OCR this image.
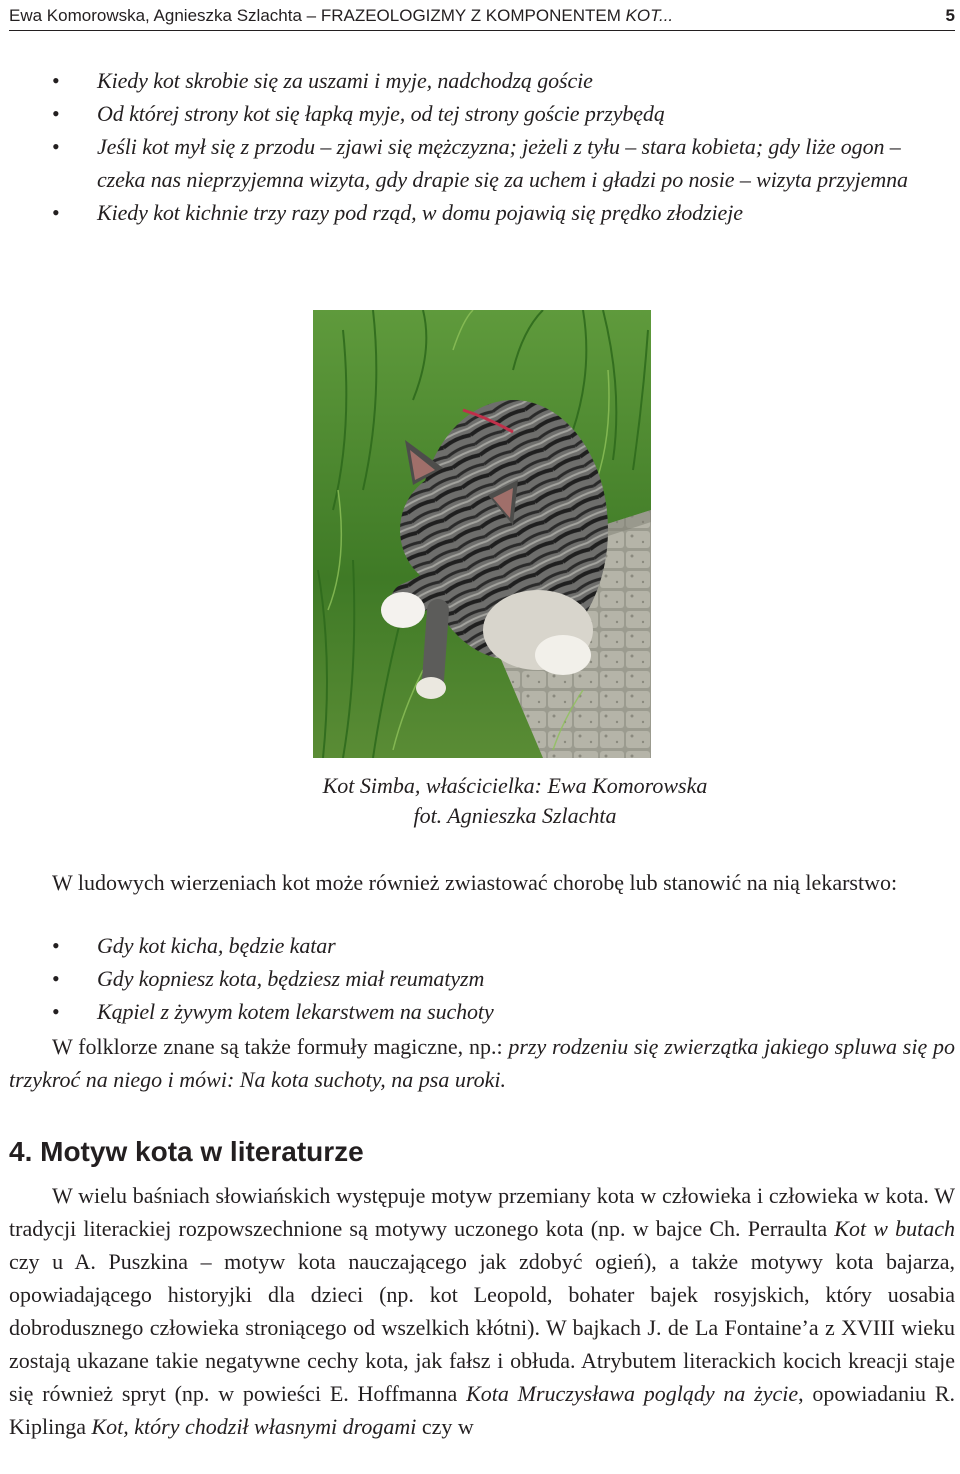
Ewa Komorowska, Agnieszka Szlachta – FRAZEOLOGIZMY Z KOMPONENTEM KOT...	5
• Kiedy kot skrobie się za uszami i myje, nadchodzą goście
• Od której strony kot się łapką myje, od tej strony goście przybędą
• Jeśli kot mył się z przodu – zjawi się mężczyzna; jeżeli z tyłu – stara kobieta; gdy liże ogon – czeka nas nieprzyjemna wizyta, gdy drapie się za uchem i gładzi po nosie – wizyta przyjemna
• Kiedy kot kichnie trzy razy pod rząd, w domu pojawią się prędko złodzieje
Kot Simba, właścicielka: Ewa Komorowska
fot. Agnieszka Szlachta

W ludowych wierzeniach kot może również zwiastować chorobę lub stanowić na nią lekarstwo:

• Gdy kot kicha, będzie katar
• Gdy kopniesz kota, będziesz miał reumatyzm
• Kąpiel z żywym kotem lekarstwem na suchoty

W folklorze znane są także formuły magiczne, np.: przy rodzeniu się zwierzątka jakiego spluwa się po trzykroć na niego i mówi: Na kota suchoty, na psa uroki.

4. Motyw kota w literaturze

W wielu baśniach słowiańskich występuje motyw przemiany kota w człowieka i człowieka w kota. W tradycji literackiej rozpowszechnione są motywy uczonego kota (np. w bajce Ch. Perraulta Kot w butach czy u A. Puszkina – motyw kota nauczającego jak zdobyć ogień), a także motywy kota bajarza, opowiadającego historyjki dla dzieci (np. kot Leopold, bohater bajek rosyjskich, który uosabia dobrodusznego człowieka stroniącego od wszelkich kłótni). W bajkach J. de La Fontaine’a z XVIII wieku zostają ukazane takie negatywne cechy kota, jak fałsz i obłuda. Atrybutem literackich kocich kreacji staje się również spryt (np. w powieści E. Hoffmanna Kota Mruczysława poglądy na życie, opowiadaniu R. Kiplinga Kot, który chodził własnymi drogami czy w
